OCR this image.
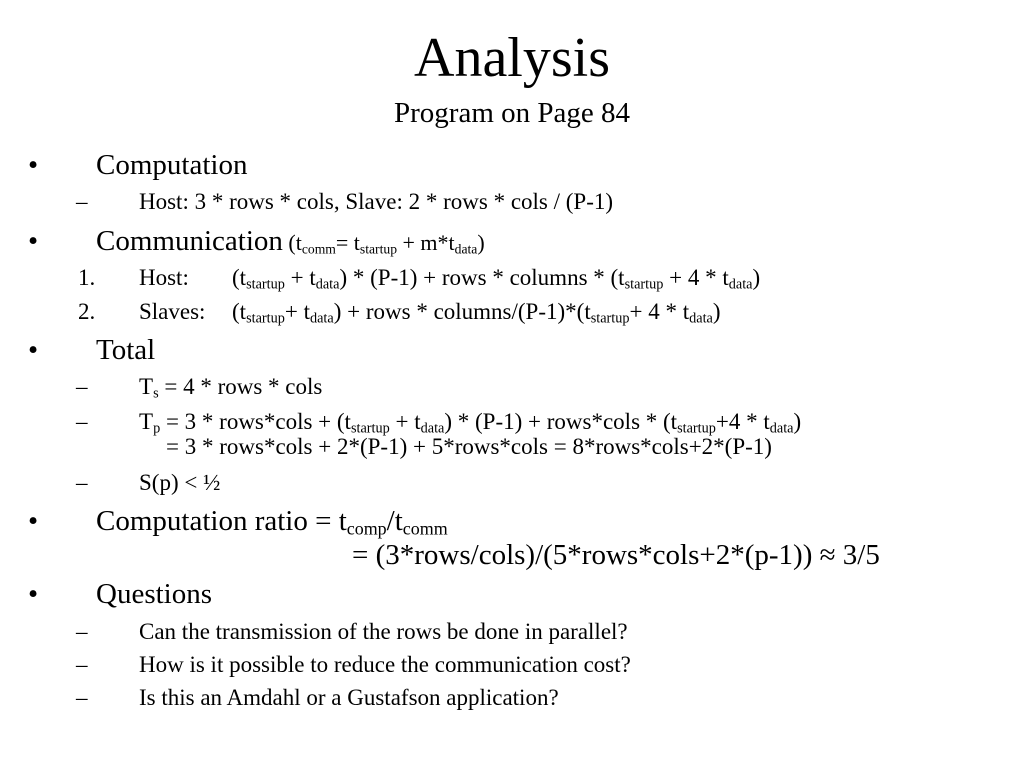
Analysis
Program on Page 84
• Computation
– Host: 3 * rows * cols, Slave: 2 * rows * cols / (P-1)
• Communication $(t_{comm}= t_{startup} + m*t_{data})$
1. Host: $(t_{startup} + t_{data}) * (P-1)$ + rows * columns * $(t_{startup} + 4 * t_{data})$
2. Slaves: $(t_{startup}+ t_{data})$ + rows * columns/$(P-1)*(t_{startup}+ 4 * t_{data})$
• Total
– $T_s = 4$ * rows * cols
– $T_p = 3$ * rows*cols + $(t_{startup} + t_{data}) * (P-1)$ + rows*cols * $(t_{startup}+4 * t_{data})$
= 3 * rows*cols + 2*(P-1) + 5*rows*cols = 8*rows*cols+2*(P-1)
– S(p) < ½
• Computation ratio = $t_{comp}/t_{comm}$
= (3*rows/cols)/(5*rows*cols+2*(p-1)) ≈ 3/5
• Questions
– Can the transmission of the rows be done in parallel?
– How is it possible to reduce the communication cost?
– Is this an Amdahl or a Gustafson application?
